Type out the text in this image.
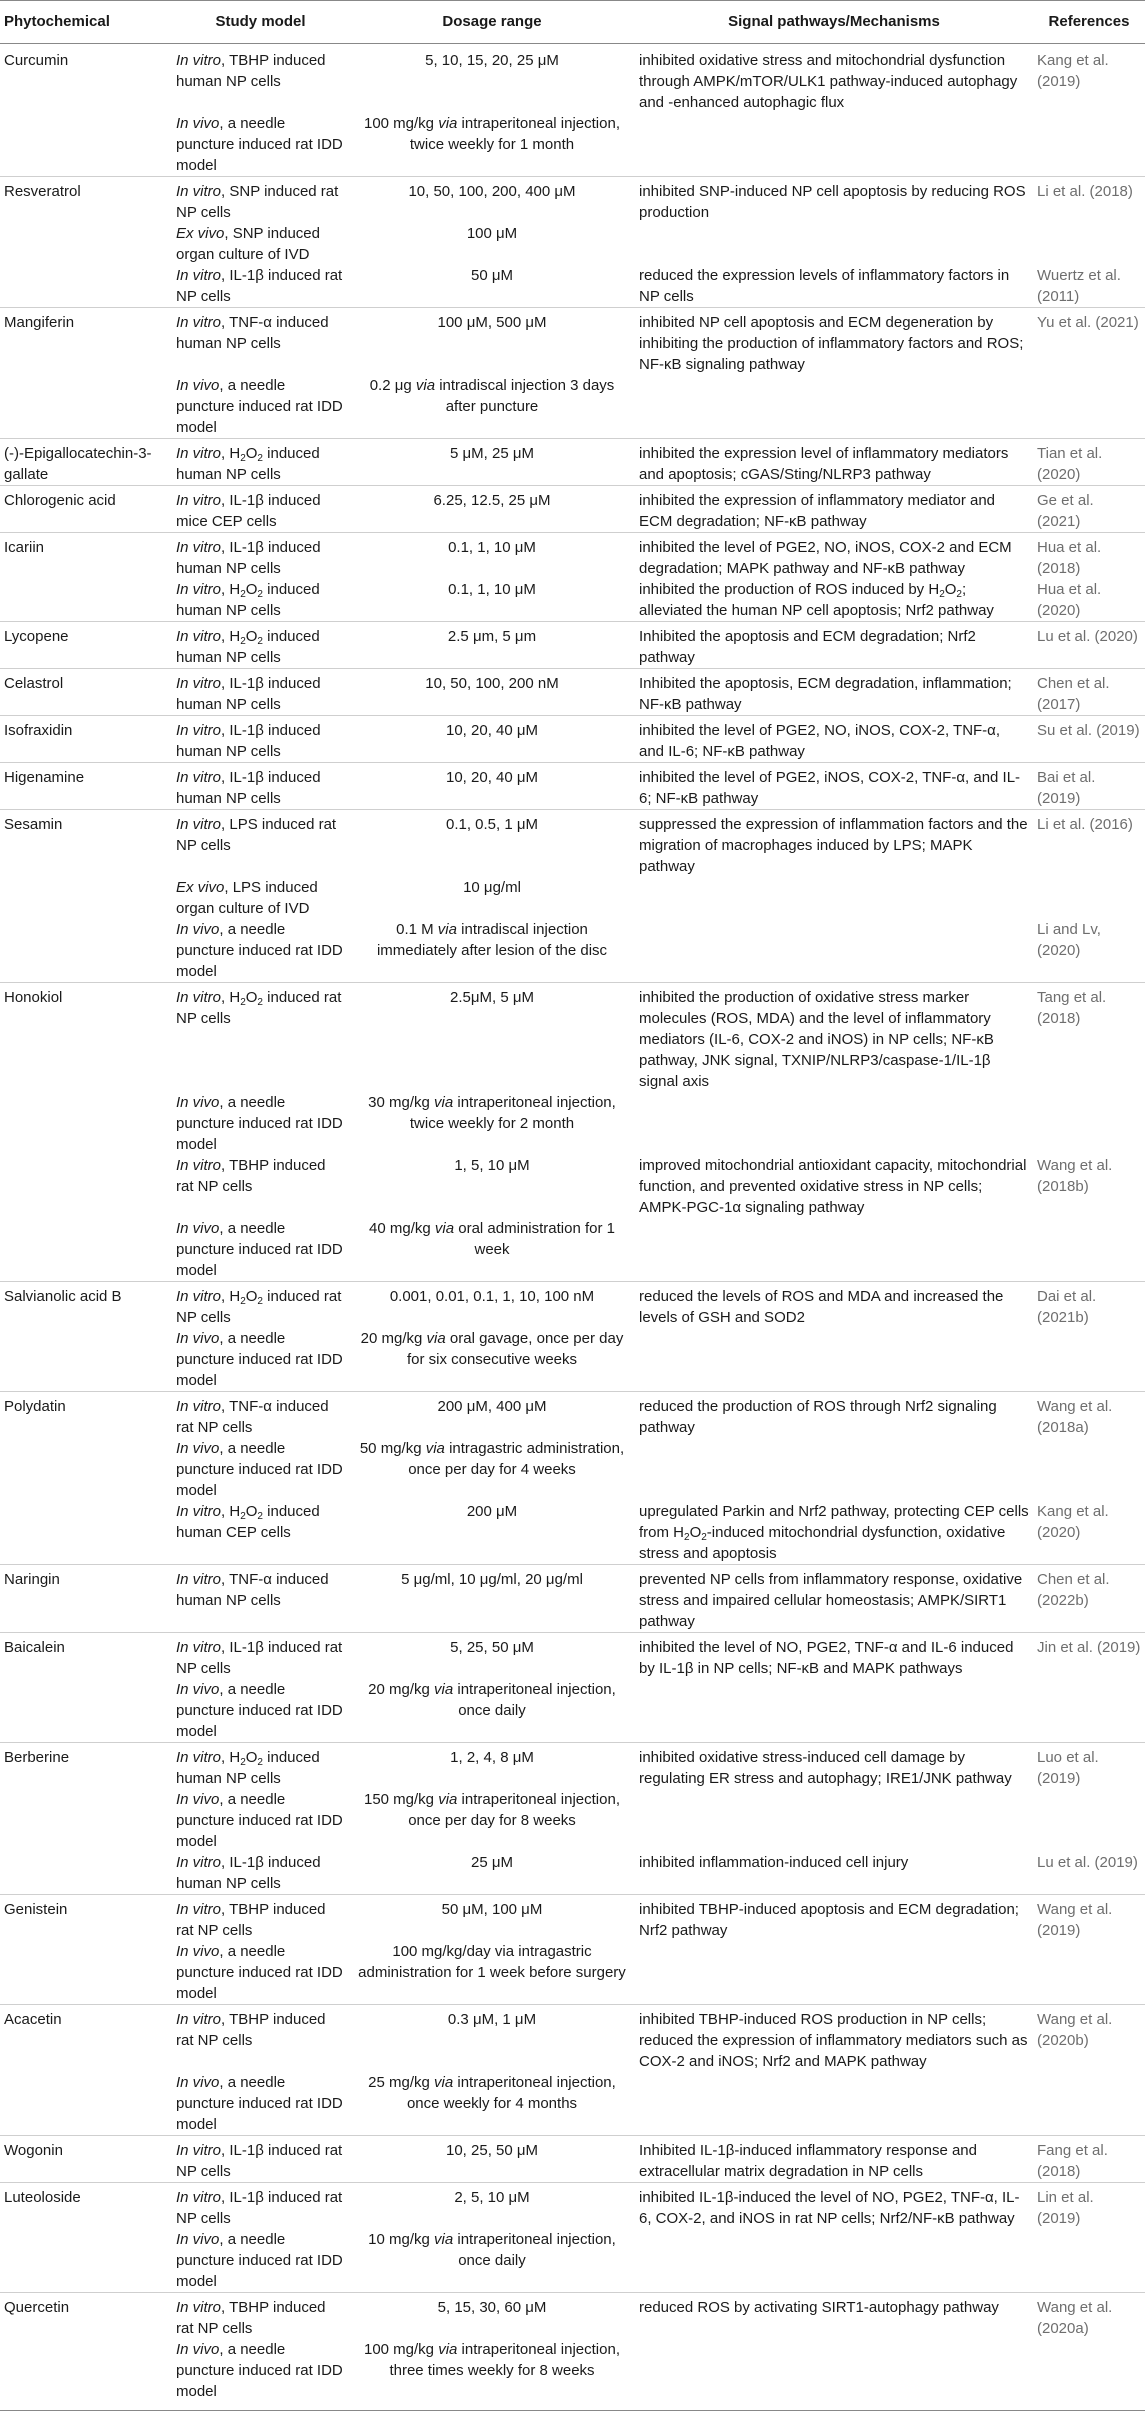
Phytochemical	Study model	Dosage range	Signal pathways/Mechanisms	References
Curcumin	In vitro, TBHP induced human NP cells	5, 10, 15, 20, 25 μM	inhibited oxidative stress and mitochondrial dysfunction through AMPK/mTOR/ULK1 pathway-induced autophagy and -enhanced autophagic flux	Kang et al. (2019)
	In vivo, a needle puncture induced rat IDD model	100 mg/kg via intraperitoneal injection, twice weekly for 1 month		
Resveratrol	In vitro, SNP induced rat NP cells	10, 50, 100, 200, 400 μM	inhibited SNP-induced NP cell apoptosis by reducing ROS production	Li et al. (2018)
	Ex vivo, SNP induced organ culture of IVD	100 μM		
	In vitro, IL-1β induced rat NP cells	50 μM	reduced the expression levels of inflammatory factors in NP cells	Wuertz et al. (2011)
Mangiferin	In vitro, TNF-α induced human NP cells	100 μM, 500 μM	inhibited NP cell apoptosis and ECM degeneration by inhibiting the production of inflammatory factors and ROS; NF-κB signaling pathway	Yu et al. (2021)
	In vivo, a needle puncture induced rat IDD model	0.2 μg via intradiscal injection 3 days after puncture		
(-)-Epigallocatechin-3-gallate	In vitro, $H_2O_2$ induced human NP cells	5 μM, 25 μM	inhibited the expression level of inflammatory mediators and apoptosis; cGAS/Sting/NLRP3 pathway	Tian et al. (2020)
Chlorogenic acid	In vitro, IL-1β induced mice CEP cells	6.25, 12.5, 25 μM	inhibited the expression of inflammatory mediator and ECM degradation; NF-κB pathway	Ge et al. (2021)
Icariin	In vitro, IL-1β induced human NP cells	0.1, 1, 10 μM	inhibited the level of PGE2, NO, iNOS, COX-2 and ECM degradation; MAPK pathway and NF-κB pathway	Hua et al. (2018)
	In vitro, $H_2O_2$ induced human NP cells	0.1, 1, 10 μM	inhibited the production of ROS induced by $H_2O_2$; alleviated the human NP cell apoptosis; Nrf2 pathway	Hua et al. (2020)
Lycopene	In vitro, $H_2O_2$ induced human NP cells	2.5 μm, 5 μm	Inhibited the apoptosis and ECM degradation; Nrf2 pathway	Lu et al. (2020)
Celastrol	In vitro, IL-1β induced human NP cells	10, 50, 100, 200 nM	Inhibited the apoptosis, ECM degradation, inflammation; NF-κB pathway	Chen et al. (2017)
Isofraxidin	In vitro, IL-1β induced human NP cells	10, 20, 40 μM	inhibited the level of PGE2, NO, iNOS, COX-2, TNF-α, and IL-6; NF-κB pathway	Su et al. (2019)
Higenamine	In vitro, IL-1β induced human NP cells	10, 20, 40 μM	inhibited the level of PGE2, iNOS, COX-2, TNF-α, and IL-6; NF-κB pathway	Bai et al. (2019)
Sesamin	In vitro, LPS induced rat NP cells	0.1, 0.5, 1 μM	suppressed the expression of inflammation factors and the migration of macrophages induced by LPS; MAPK pathway	Li et al. (2016)
	Ex vivo, LPS induced organ culture of IVD	10 μg/ml		
	In vivo, a needle puncture induced rat IDD model	0.1 M via intradiscal injection immediately after lesion of the disc		Li and Lv, (2020)
Honokiol	In vitro, $H_2O_2$ induced rat NP cells	2.5μM, 5 μM	inhibited the production of oxidative stress marker molecules (ROS, MDA) and the level of inflammatory mediators (IL-6, COX-2 and iNOS) in NP cells; NF-κB pathway, JNK signal, TXNIP/NLRP3/caspase-1/IL-1β signal axis	Tang et al. (2018)
	In vivo, a needle puncture induced rat IDD model	30 mg/kg via intraperitoneal injection, twice weekly for 2 month		
	In vitro, TBHP induced rat NP cells	1, 5, 10 μM	improved mitochondrial antioxidant capacity, mitochondrial function, and prevented oxidative stress in NP cells; AMPK-PGC-1α signaling pathway	Wang et al. (2018b)
	In vivo, a needle puncture induced rat IDD model	40 mg/kg via oral administration for 1 week		
Salvianolic acid B	In vitro, $H_2O_2$ induced rat NP cells	0.001, 0.01, 0.1, 1, 10, 100 nM	reduced the levels of ROS and MDA and increased the levels of GSH and SOD2	Dai et al. (2021b)
	In vivo, a needle puncture induced rat IDD model	20 mg/kg via oral gavage, once per day for six consecutive weeks		
Polydatin	In vitro, TNF-α induced rat NP cells	200 μM, 400 μM	reduced the production of ROS through Nrf2 signaling pathway	Wang et al. (2018a)
	In vivo, a needle puncture induced rat IDD model	50 mg/kg via intragastric administration, once per day for 4 weeks		
	In vitro, $H_2O_2$ induced human CEP cells	200 μM	upregulated Parkin and Nrf2 pathway, protecting CEP cells from $H_2O_2$-induced mitochondrial dysfunction, oxidative stress and apoptosis	Kang et al. (2020)
Naringin	In vitro, TNF-α induced human NP cells	5 μg/ml, 10 μg/ml, 20 μg/ml	prevented NP cells from inflammatory response, oxidative stress and impaired cellular homeostasis; AMPK/SIRT1 pathway	Chen et al. (2022b)
Baicalein	In vitro, IL-1β induced rat NP cells	5, 25, 50 μM	inhibited the level of NO, PGE2, TNF-α and IL-6 induced by IL-1β in NP cells; NF-κB and MAPK pathways	Jin et al. (2019)
	In vivo, a needle puncture induced rat IDD model	20 mg/kg via intraperitoneal injection, once daily		
Berberine	In vitro, $H_2O_2$ induced human NP cells	1, 2, 4, 8 μM	inhibited oxidative stress-induced cell damage by regulating ER stress and autophagy; IRE1/JNK pathway	Luo et al. (2019)
	In vivo, a needle puncture induced rat IDD model	150 mg/kg via intraperitoneal injection, once per day for 8 weeks		
	In vitro, IL-1β induced human NP cells	25 μM	inhibited inflammation-induced cell injury	Lu et al. (2019)
Genistein	In vitro, TBHP induced rat NP cells	50 μM, 100 μM	inhibited TBHP-induced apoptosis and ECM degradation; Nrf2 pathway	Wang et al. (2019)
	In vivo, a needle puncture induced rat IDD model	100 mg/kg/day via intragastric administration for 1 week before surgery		
Acacetin	In vitro, TBHP induced rat NP cells	0.3 μM, 1 μM	inhibited TBHP-induced ROS production in NP cells; reduced the expression of inflammatory mediators such as COX-2 and iNOS; Nrf2 and MAPK pathway	Wang et al. (2020b)
	In vivo, a needle puncture induced rat IDD model	25 mg/kg via intraperitoneal injection, once weekly for 4 months		
Wogonin	In vitro, IL-1β induced rat NP cells	10, 25, 50 μM	Inhibited IL-1β-induced inflammatory response and extracellular matrix degradation in NP cells	Fang et al. (2018)
Luteoloside	In vitro, IL-1β induced rat NP cells	2, 5, 10 μM	inhibited IL-1β-induced the level of NO, PGE2, TNF-α, IL-6, COX-2, and iNOS in rat NP cells; Nrf2/NF-κB pathway	Lin et al. (2019)
	In vivo, a needle puncture induced rat IDD model	10 mg/kg via intraperitoneal injection, once daily		
Quercetin	In vitro, TBHP induced rat NP cells	5, 15, 30, 60 μM	reduced ROS by activating SIRT1-autophagy pathway	Wang et al. (2020a)
	In vivo, a needle puncture induced rat IDD model	100 mg/kg via intraperitoneal injection, three times weekly for 8 weeks		
